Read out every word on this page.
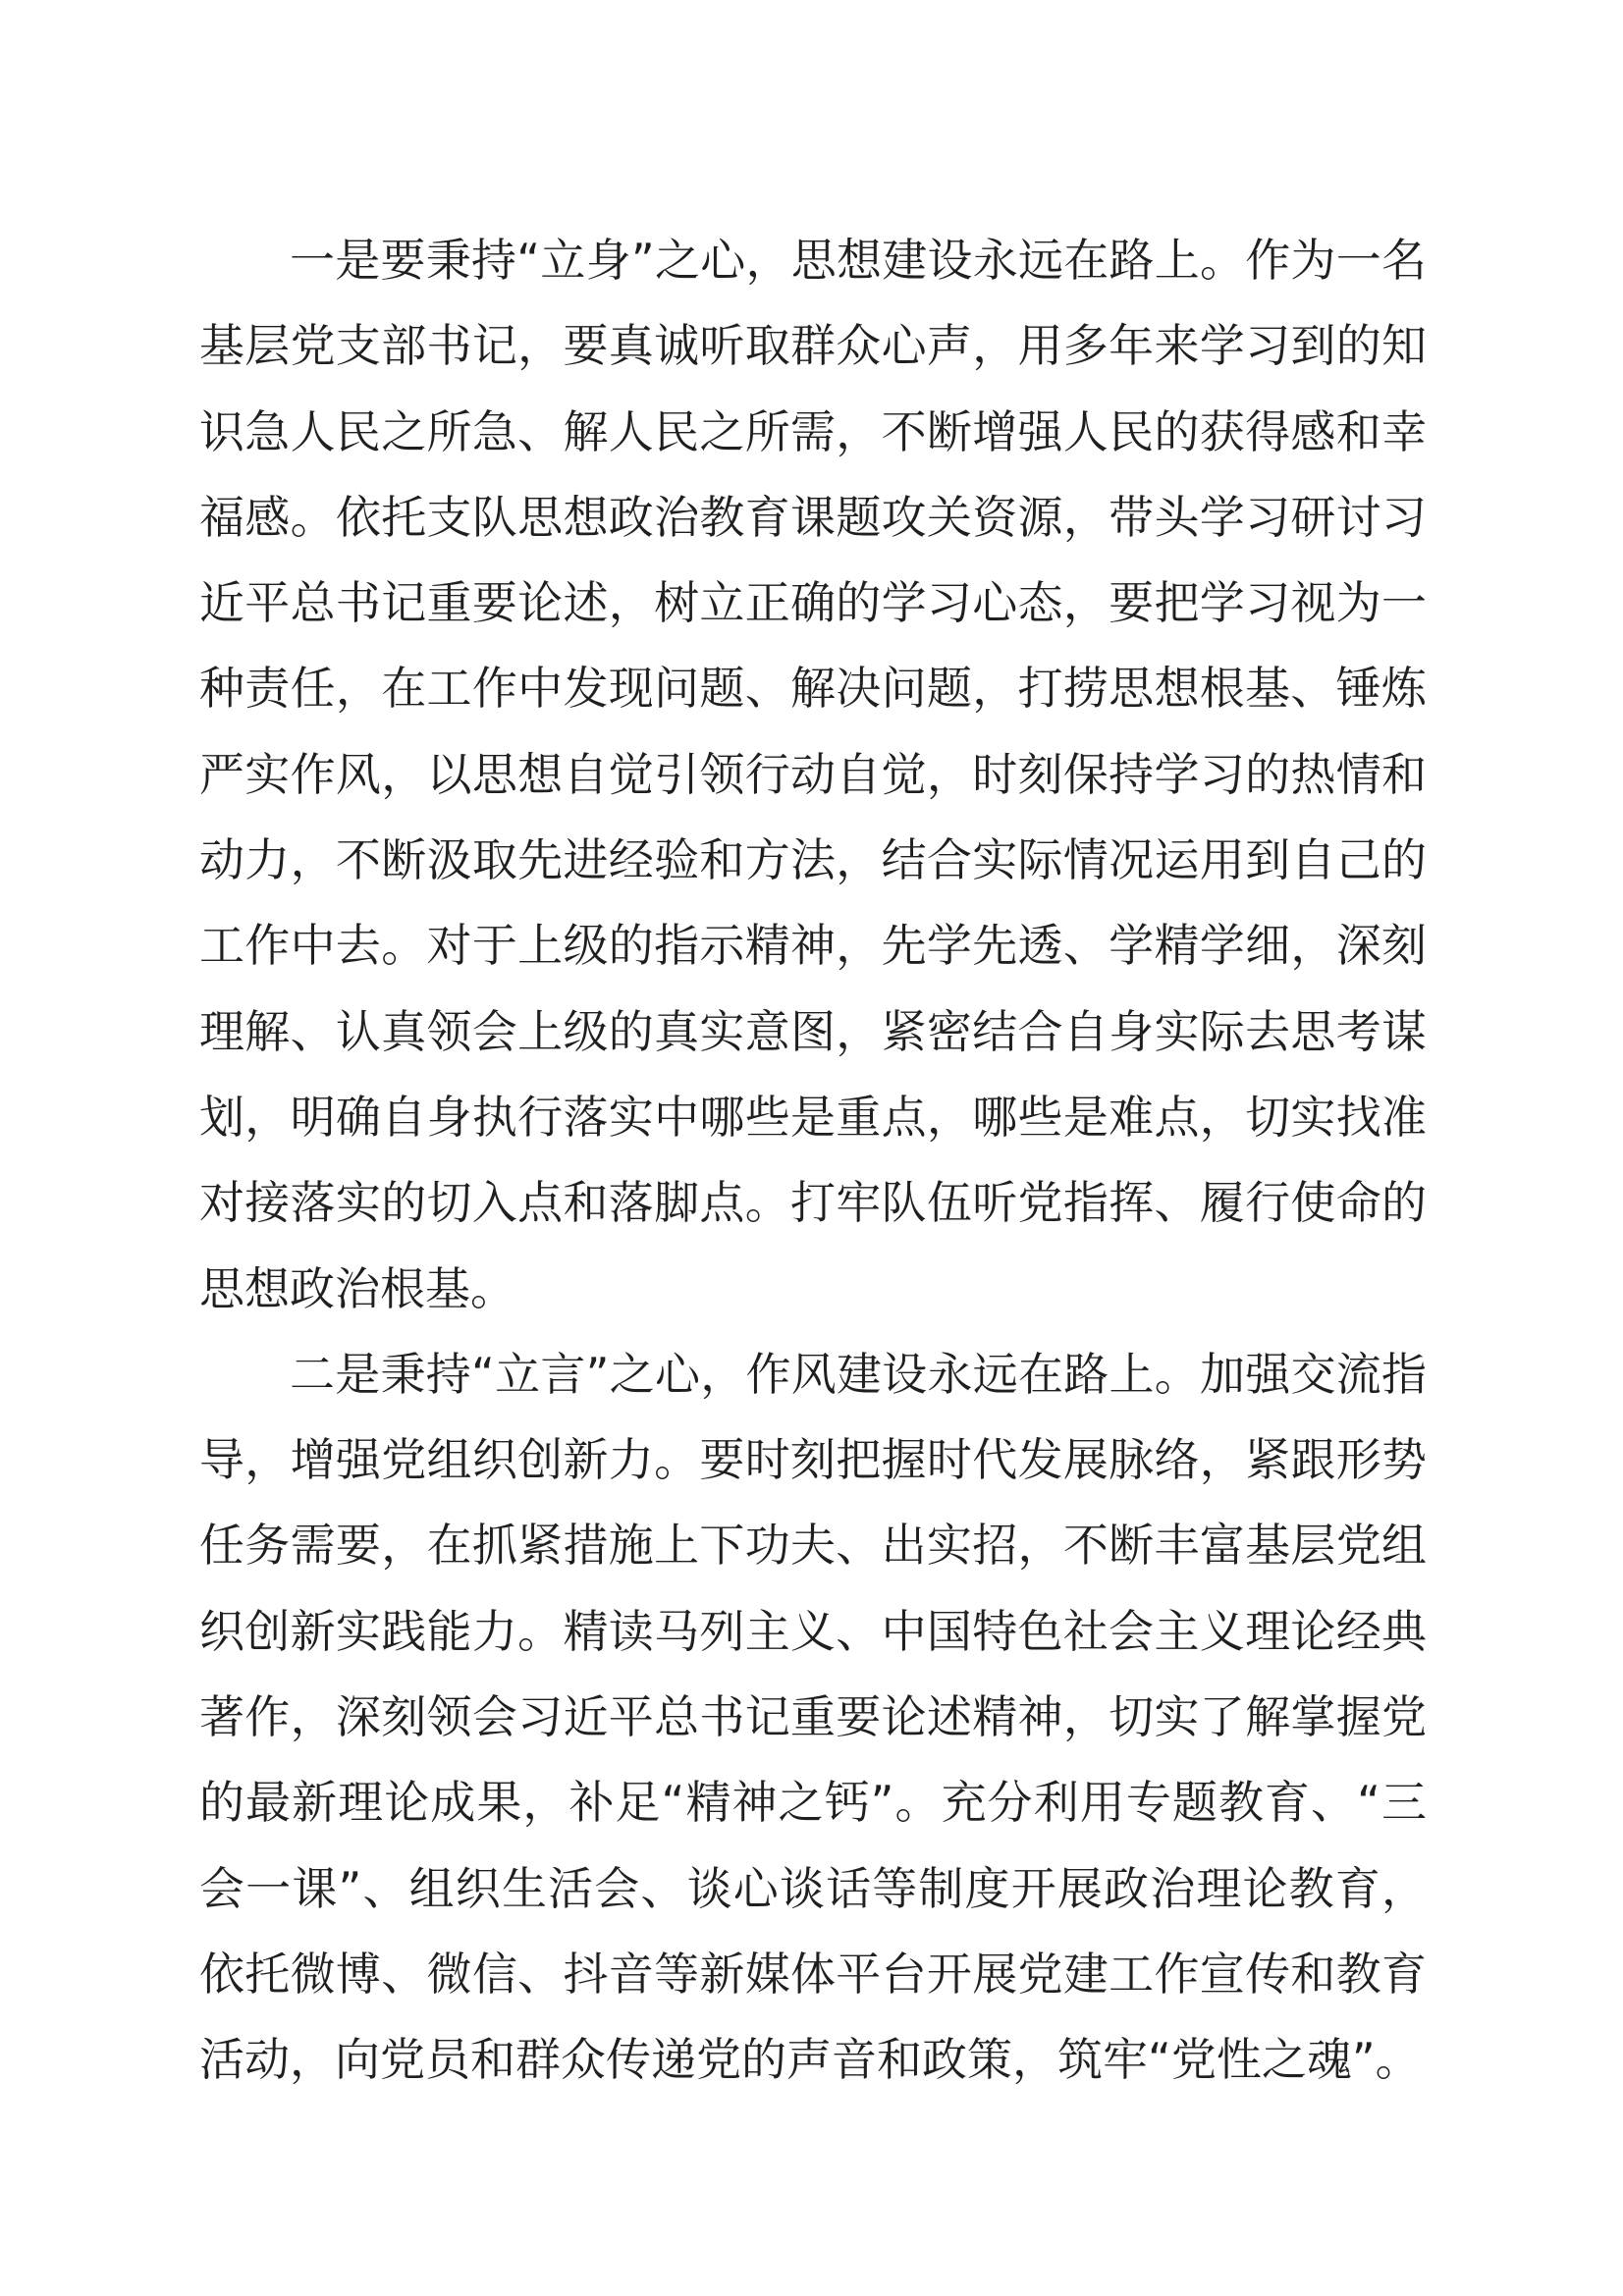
一是要秉持“立身”之心，思想建设永远在路上。作为一名基层党支部书记，要真诚听取群众心声，用多年来学习到的知识急人民之所急、解人民之所需，不断增强人民的获得感和幸福感。依托支队思想政治教育课题攻关资源，带头学习研讨习近平总书记重要论述，树立正确的学习心态，要把学习视为一种责任，在工作中发现问题、解决问题，打捞思想根基、锤炼严实作风，以思想自觉引领行动自觉，时刻保持学习的热情和动力，不断汲取先进经验和方法，结合实际情况运用到自己的工作中去。对于上级的指示精神，先学先透、学精学细，深刻理解、认真领会上级的真实意图，紧密结合自身实际去思考谋划，明确自身执行落实中哪些是重点，哪些是难点，切实找准对接落实的切入点和落脚点。打牢队伍听党指挥、履行使命的思想政治根基。

二是秉持“立言”之心，作风建设永远在路上。加强交流指导，增强党组织创新力。要时刻把握时代发展脉络，紧跟形势任务需要，在抓紧措施上下功夫、出实招，不断丰富基层党组织创新实践能力。精读马列主义、中国特色社会主义理论经典著作，深刻领会习近平总书记重要论述精神，切实了解掌握党的最新理论成果，补足“精神之钙”。充分利用专题教育、“三会一课”、组织生活会、谈心谈话等制度开展政治理论教育，依托微博、微信、抖音等新媒体平台开展党建工作宣传和教育活动，向党员和群众传递党的声音和政策，筑牢“党性之魂”。
